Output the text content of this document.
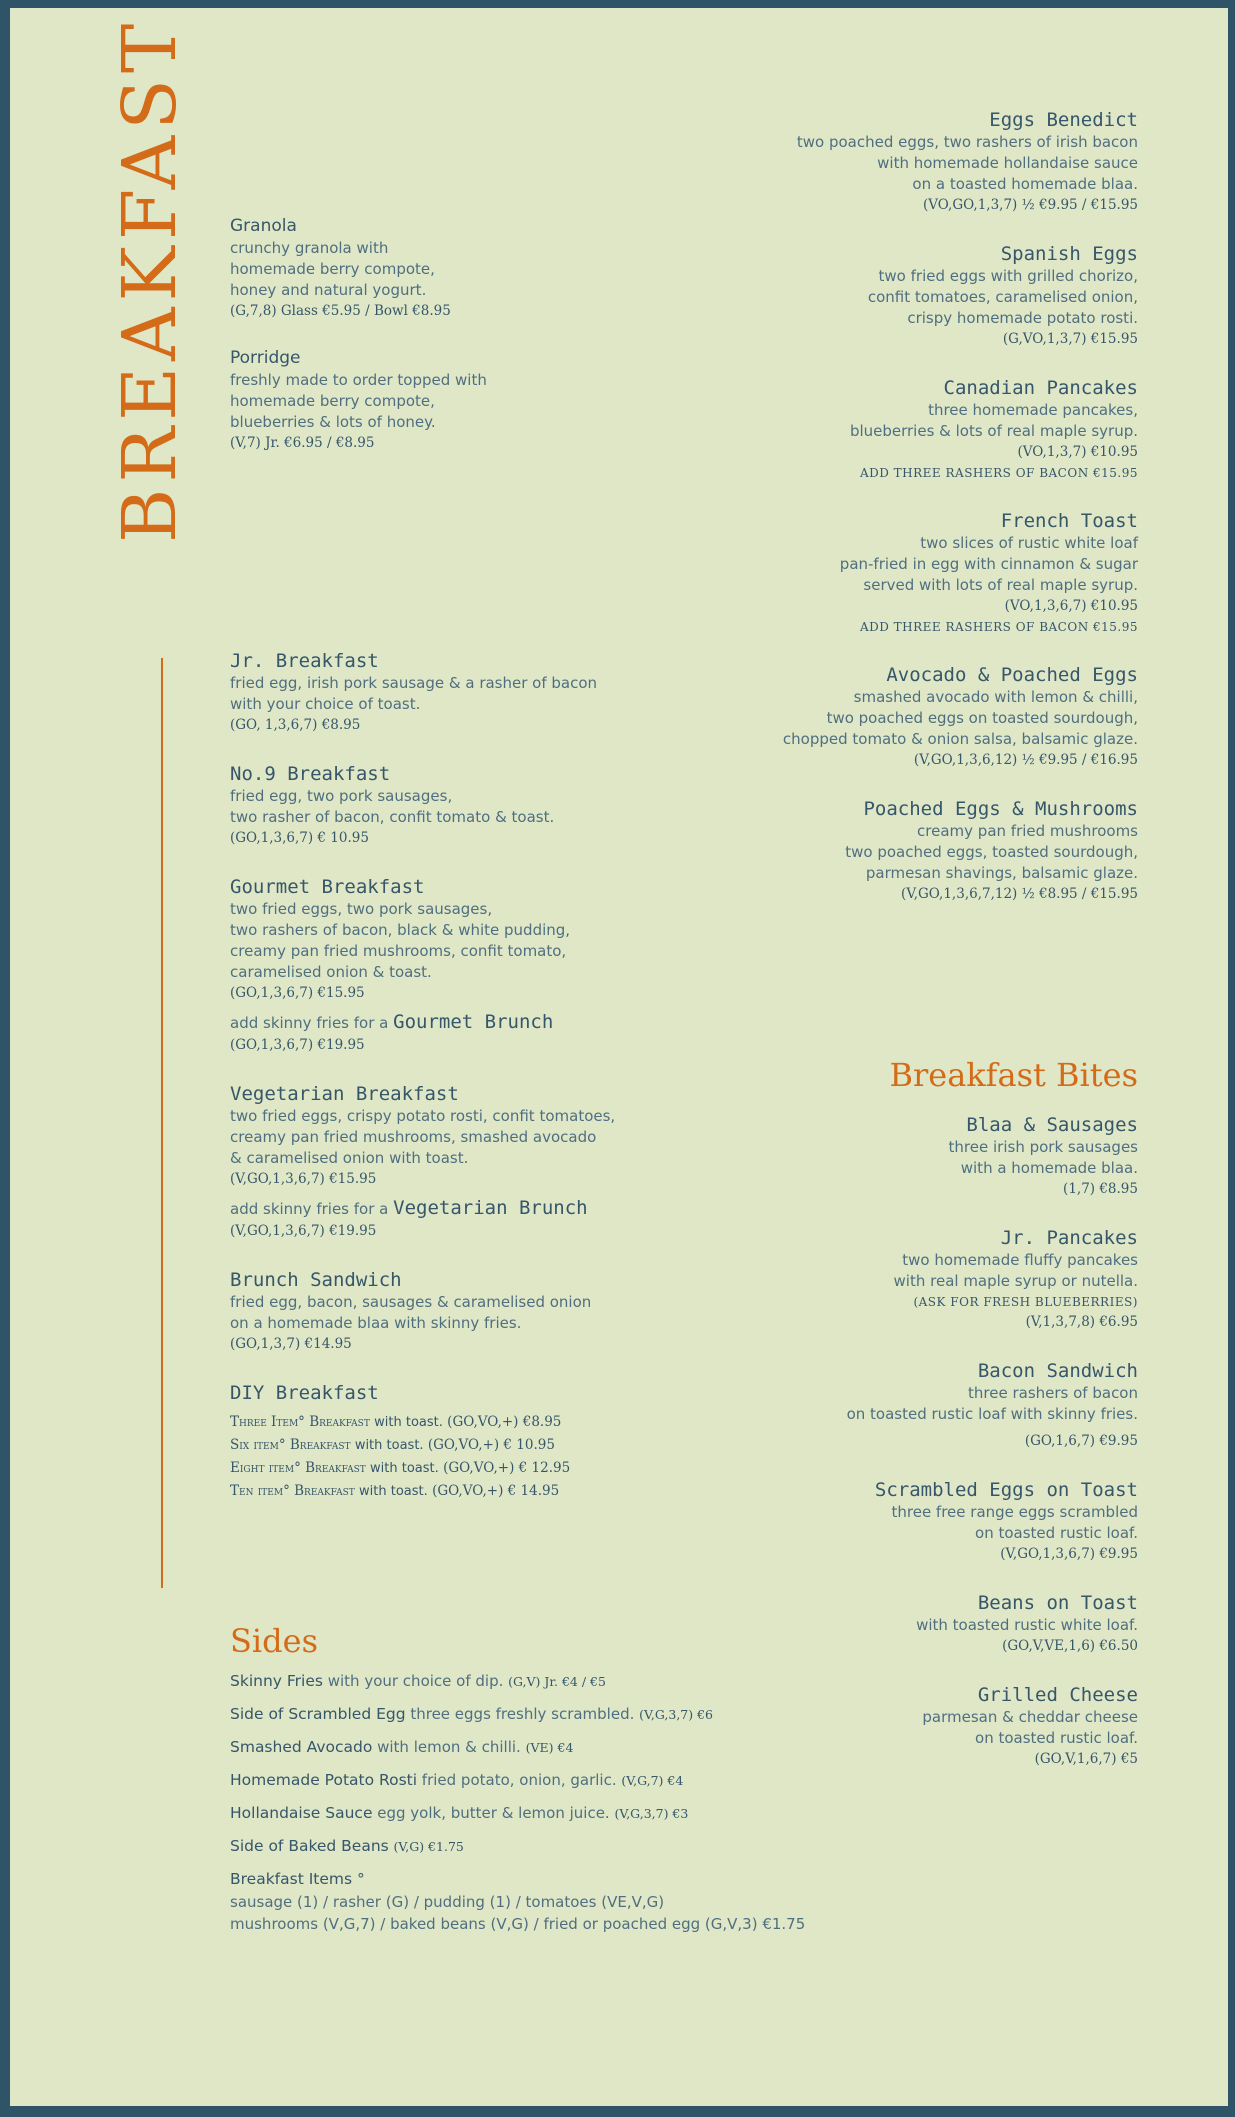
BREAKFAST Granola
crunchy granola with
homemade berry compote,
honey and natural yogurt.
(G,7,8) Glass €5.95 / Bowl €8.95
Porridge
freshly made to order topped with
homemade berry compote,
blueberries & lots of honey.
(V,7) Jr. €6.95 / €8.95
Jr. Breakfast
fried egg, irish pork sausage & a rasher of bacon
with your choice of toast.
(GO, 1,3,6,7) €8.95
No.9 Breakfast
fried egg, two pork sausages,
two rasher of bacon, confit tomato & toast.
(GO,1,3,6,7) € 10.95
Gourmet Breakfast
two fried eggs, two pork sausages,
two rashers of bacon, black & white pudding,
creamy pan fried mushrooms, confit tomato,
caramelised onion & toast.
(GO,1,3,6,7) €15.95
add skinny fries for a Gourmet Brunch
(GO,1,3,6,7) €19.95
Vegetarian Breakfast
two fried eggs, crispy potato rosti, confit tomatoes,
creamy pan fried mushrooms, smashed avocado
& caramelised onion with toast.
(V,GO,1,3,6,7) €15.95
add skinny fries for a Vegetarian Brunch
(V,GO,1,3,6,7) €19.95
Brunch Sandwich
fried egg, bacon, sausages & caramelised onion
on a homemade blaa with skinny fries.
(GO,1,3,7) €14.95
DIY Breakfast
Three Item° Breakfast with toast. (GO,VO,+) €8.95
Six item° Breakfast with toast. (GO,VO,+) € 10.95
Eight item° Breakfast with toast. (GO,VO,+) € 12.95
Ten item° Breakfast with toast. (GO,VO,+) € 14.95
Sides
Skinny Fries with your choice of dip. (G,V) Jr. €4 / €5
Side of Scrambled Egg three eggs freshly scrambled. (V,G,3,7) €6
Smashed Avocado with lemon & chilli. (VE) €4
Homemade Potato Rosti fried potato, onion, garlic. (V,G,7) €4
Hollandaise Sauce egg yolk, butter & lemon juice. (V,G,3,7) €3
Side of Baked Beans (V,G) €1.75
Breakfast Items °
sausage (1) / rasher (G) / pudding (1) / tomatoes (VE,V,G)
mushrooms (V,G,7) / baked beans (V,G) / fried or poached egg (G,V,3) €1.75
Eggs Benedict
two poached eggs, two rashers of irish bacon
with homemade hollandaise sauce
on a toasted homemade blaa.
(VO,GO,1,3,7) ½ €9.95 / €15.95
Spanish Eggs
two fried eggs with grilled chorizo,
confit tomatoes, caramelised onion,
crispy homemade potato rosti.
(G,VO,1,3,7) €15.95
Canadian Pancakes
three homemade pancakes,
blueberries & lots of real maple syrup.
(VO,1,3,7) €10.95
ADD THREE RASHERS OF BACON €15.95
French Toast
two slices of rustic white loaf
pan-fried in egg with cinnamon & sugar
served with lots of real maple syrup.
(VO,1,3,6,7) €10.95
ADD THREE RASHERS OF BACON €15.95
Avocado & Poached Eggs
smashed avocado with lemon & chilli,
two poached eggs on toasted sourdough,
chopped tomato & onion salsa, balsamic glaze.
(V,GO,1,3,6,12) ½ €9.95 / €16.95
Poached Eggs & Mushrooms
creamy pan fried mushrooms
two poached eggs, toasted sourdough,
parmesan shavings, balsamic glaze.
(V,GO,1,3,6,7,12) ½ €8.95 / €15.95
Breakfast Bites
Blaa & Sausages
three irish pork sausages
with a homemade blaa.
(1,7) €8.95
Jr. Pancakes
two homemade fluffy pancakes
with real maple syrup or nutella.
(ASK FOR FRESH BLUEBERRIES)
(V,1,3,7,8) €6.95
Bacon Sandwich
three rashers of bacon
on toasted rustic loaf with skinny fries.
(GO,1,6,7) €9.95
Scrambled Eggs on Toast
three free range eggs scrambled
on toasted rustic loaf.
(V,GO,1,3,6,7) €9.95
Beans on Toast
with toasted rustic white loaf.
(GO,V,VE,1,6) €6.50
Grilled Cheese
parmesan & cheddar cheese
on toasted rustic loaf.
(GO,V,1,6,7) €5
